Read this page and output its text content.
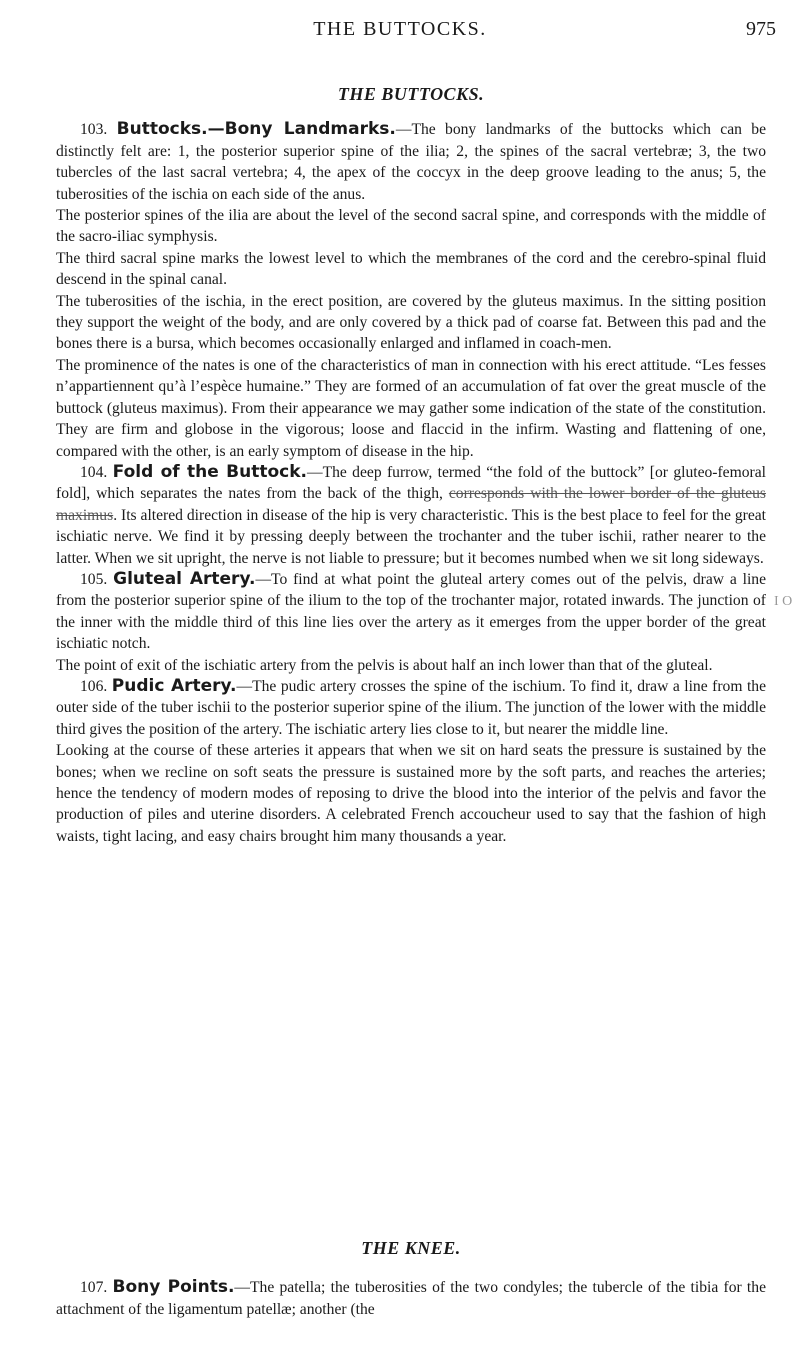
THE BUTTOCKS.	975
I O
THE BUTTOCKS.

103. Buttocks.—Bony Landmarks.—The bony landmarks of the buttocks which can be distinctly felt are: 1, the posterior superior spine of the ilia; 2, the spines of the sacral vertebræ; 3, the two tubercles of the last sacral vertebra; 4, the apex of the coccyx in the deep groove leading to the anus; 5, the tuberosities of the ischia on each side of the anus.

The posterior spines of the ilia are about the level of the second sacral spine, and corresponds with the middle of the sacro-iliac symphysis.

The third sacral spine marks the lowest level to which the membranes of the cord and the cerebro-spinal fluid descend in the spinal canal.

The tuberosities of the ischia, in the erect position, are covered by the gluteus maximus. In the sitting position they support the weight of the body, and are only covered by a thick pad of coarse fat. Between this pad and the bones there is a bursa, which becomes occasionally enlarged and inflamed in coach-men.

The prominence of the nates is one of the characteristics of man in connection with his erect attitude. “Les fesses n’appartiennent qu’à l’espèce humaine.” They are formed of an accumulation of fat over the great muscle of the buttock (gluteus maximus). From their appearance we may gather some indication of the state of the constitution. They are firm and globose in the vigorous; loose and flaccid in the infirm. Wasting and flattening of one, compared with the other, is an early symptom of disease in the hip.

104. Fold of the Buttock.—The deep furrow, termed “the fold of the buttock” [or gluteo-femoral fold], which separates the nates from the back of the thigh, corresponds with the lower border of the gluteus maximus. Its altered direction in disease of the hip is very characteristic. This is the best place to feel for the great ischiatic nerve. We find it by pressing deeply between the trochanter and the tuber ischii, rather nearer to the latter. When we sit upright, the nerve is not liable to pressure; but it becomes numbed when we sit long sideways.

105. Gluteal Artery.—To find at what point the gluteal artery comes out of the pelvis, draw a line from the posterior superior spine of the ilium to the top of the trochanter major, rotated inwards. The junction of the inner with the middle third of this line lies over the artery as it emerges from the upper border of the great ischiatic notch.

The point of exit of the ischiatic artery from the pelvis is about half an inch lower than that of the gluteal.

106. Pudic Artery.—The pudic artery crosses the spine of the ischium. To find it, draw a line from the outer side of the tuber ischii to the posterior superior spine of the ilium. The junction of the lower with the middle third gives the position of the artery. The ischiatic artery lies close to it, but nearer the middle line.

Looking at the course of these arteries it appears that when we sit on hard seats the pressure is sustained by the bones; when we recline on soft seats the pressure is sustained more by the soft parts, and reaches the arteries; hence the tendency of modern modes of reposing to drive the blood into the interior of the pelvis and favor the production of piles and uterine disorders. A celebrated French accoucheur used to say that the fashion of high waists, tight lacing, and easy chairs brought him many thousands a year.

THE KNEE.

107. Bony Points.—The patella; the tuberosities of the two condyles; the tubercle of the tibia for the attachment of the ligamentum patellæ; another (the
